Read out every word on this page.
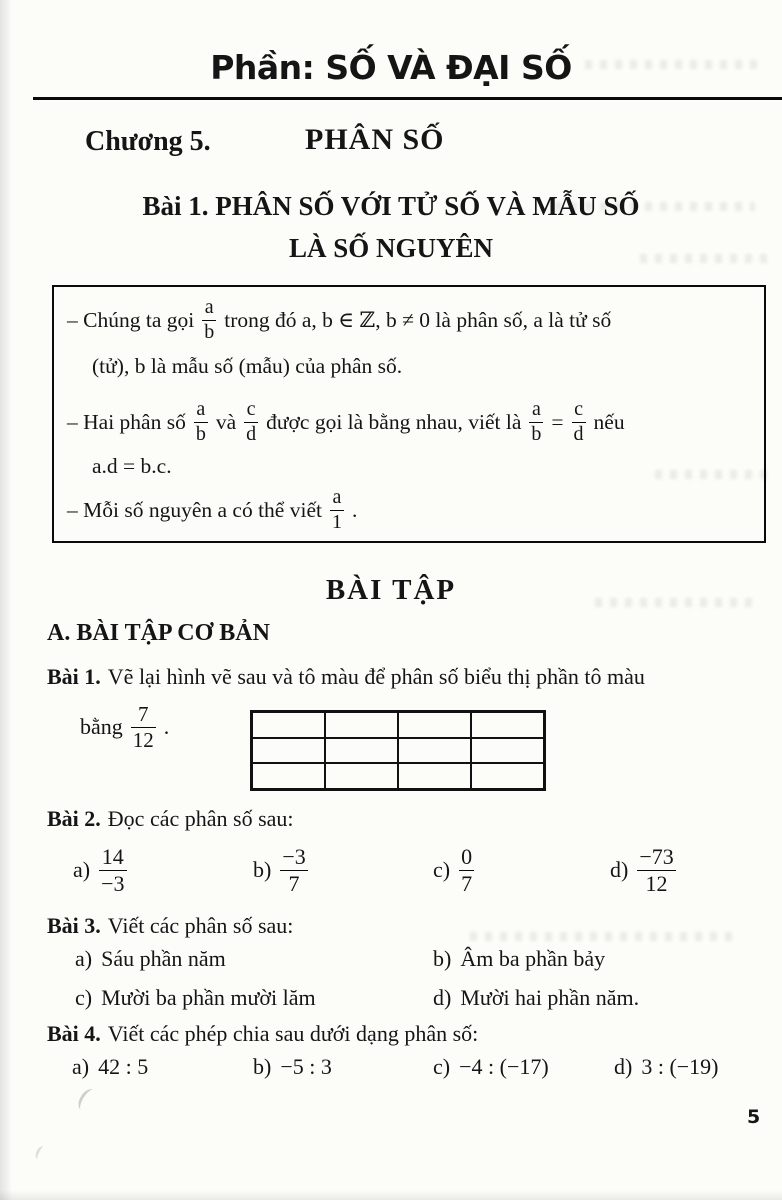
Phần: SỐ VÀ ĐẠI SỐ
Chương 5.	PHÂN SỐ
Bài 1. PHÂN SỐ VỚI TỬ SỐ VÀ MẪU SỐ
LÀ SỐ NGUYÊN
– Chúng ta gọi $\frac{a}{b}$ trong đó a, b ∈ ℤ, b ≠ 0 là phân số, a là tử số
(tử), b là mẫu số (mẫu) của phân số.
– Hai phân số $\frac{a}{b}$ và $\frac{c}{d}$ được gọi là bằng nhau, viết là $\frac{a}{b} = \frac{c}{d}$ nếu
a.d = b.c.
– Mỗi số nguyên a có thể viết $\frac{a}{1}$ .
BÀI TẬP
A. BÀI TẬP CƠ BẢN
Bài 1. Vẽ lại hình vẽ sau và tô màu để phân số biểu thị phần tô màu
bằng $\frac{7}{12}$ .
Bài 2. Đọc các phân số sau:
$a) \frac{14}{-3}$	$b) \frac{-3}{7}$	$c) \frac{0}{7}$	$d) \frac{-73}{12}$
Bài 3. Viết các phân số sau:
a) Sáu phần năm	b) Âm ba phần bảy
c) Mười ba phần mười lăm	d) Mười hai phần năm.
Bài 4. Viết các phép chia sau dưới dạng phân số:
a) 42 : 5	b) −5 : 3	c) −4 : (−17)	d) 3 : (−19)
5
